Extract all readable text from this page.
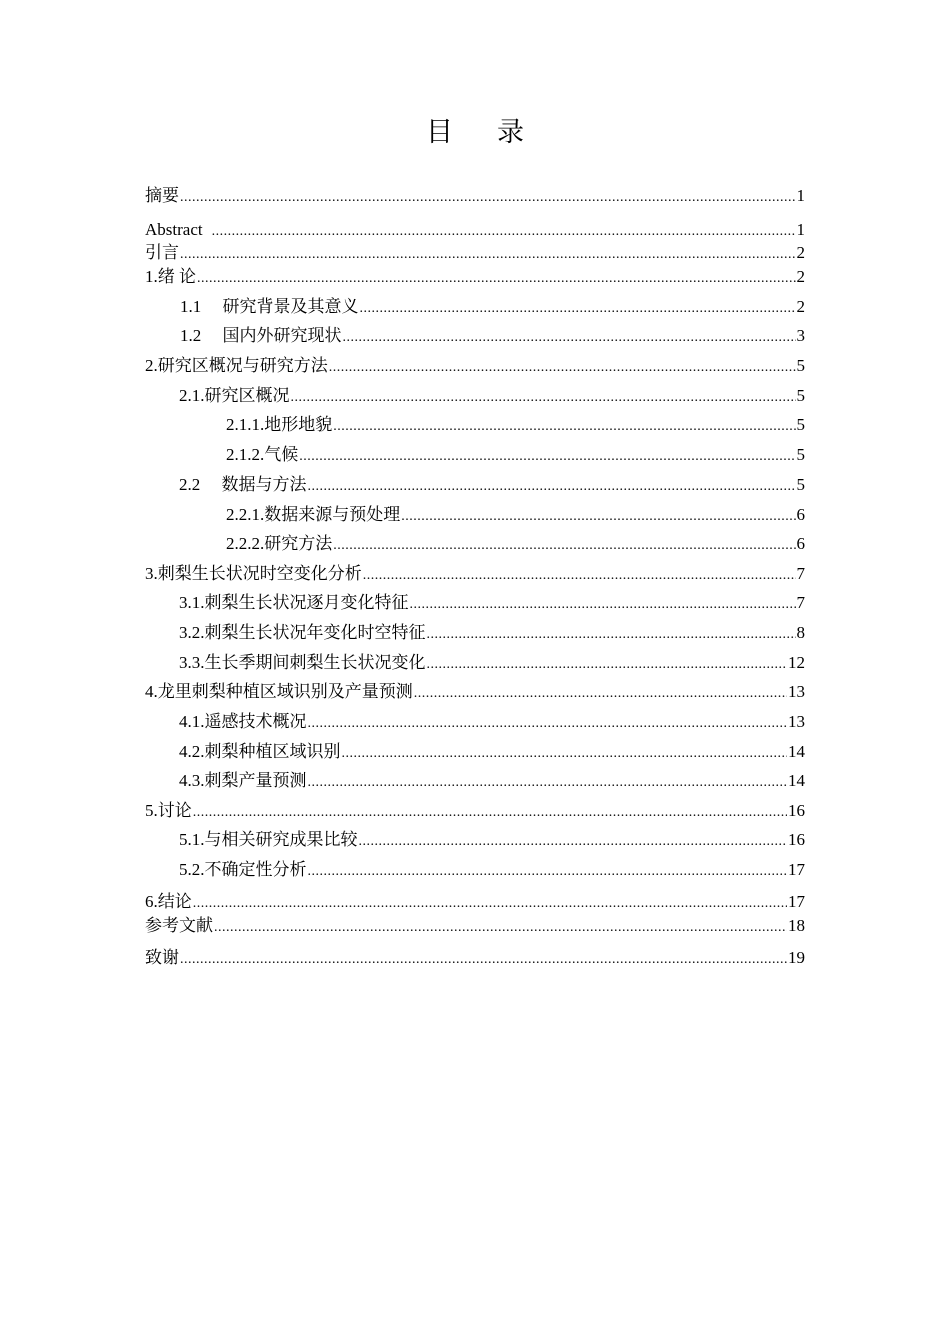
目 录
摘要 .....	1
Abstract .....	1
引言 .....	2
1.绪 论 .....	2
1.1　 研究背景及其意义 .....	2
1.2　 国内外研究现状 .....	3
2.研究区概况与研究方法 .....	5
2.1.研究区概况 .....	5
2.1.1.地形地貌 .....	5
2.1.2.气候 .....	5
2.2　 数据与方法 .....	5
2.2.1.数据来源与预处理 .....	6
2.2.2.研究方法 .....	6
3.刺梨生长状况时空变化分析 .....	7
3.1.刺梨生长状况逐月变化特征 .....	7
3.2.刺梨生长状况年变化时空特征 .....	8
3.3.生长季期间刺梨生长状况变化 .....	12
4.龙里刺梨种植区域识别及产量预测 .....	13
4.1.遥感技术概况 .....	13
4.2.刺梨种植区域识别 .....	14
4.3.刺梨产量预测 .....	14
5.讨论 .....	16
5.1.与相关研究成果比较 .....	16
5.2.不确定性分析 .....	17
6.结论 .....	17
参考文献 .....	18
致谢 .....	19
